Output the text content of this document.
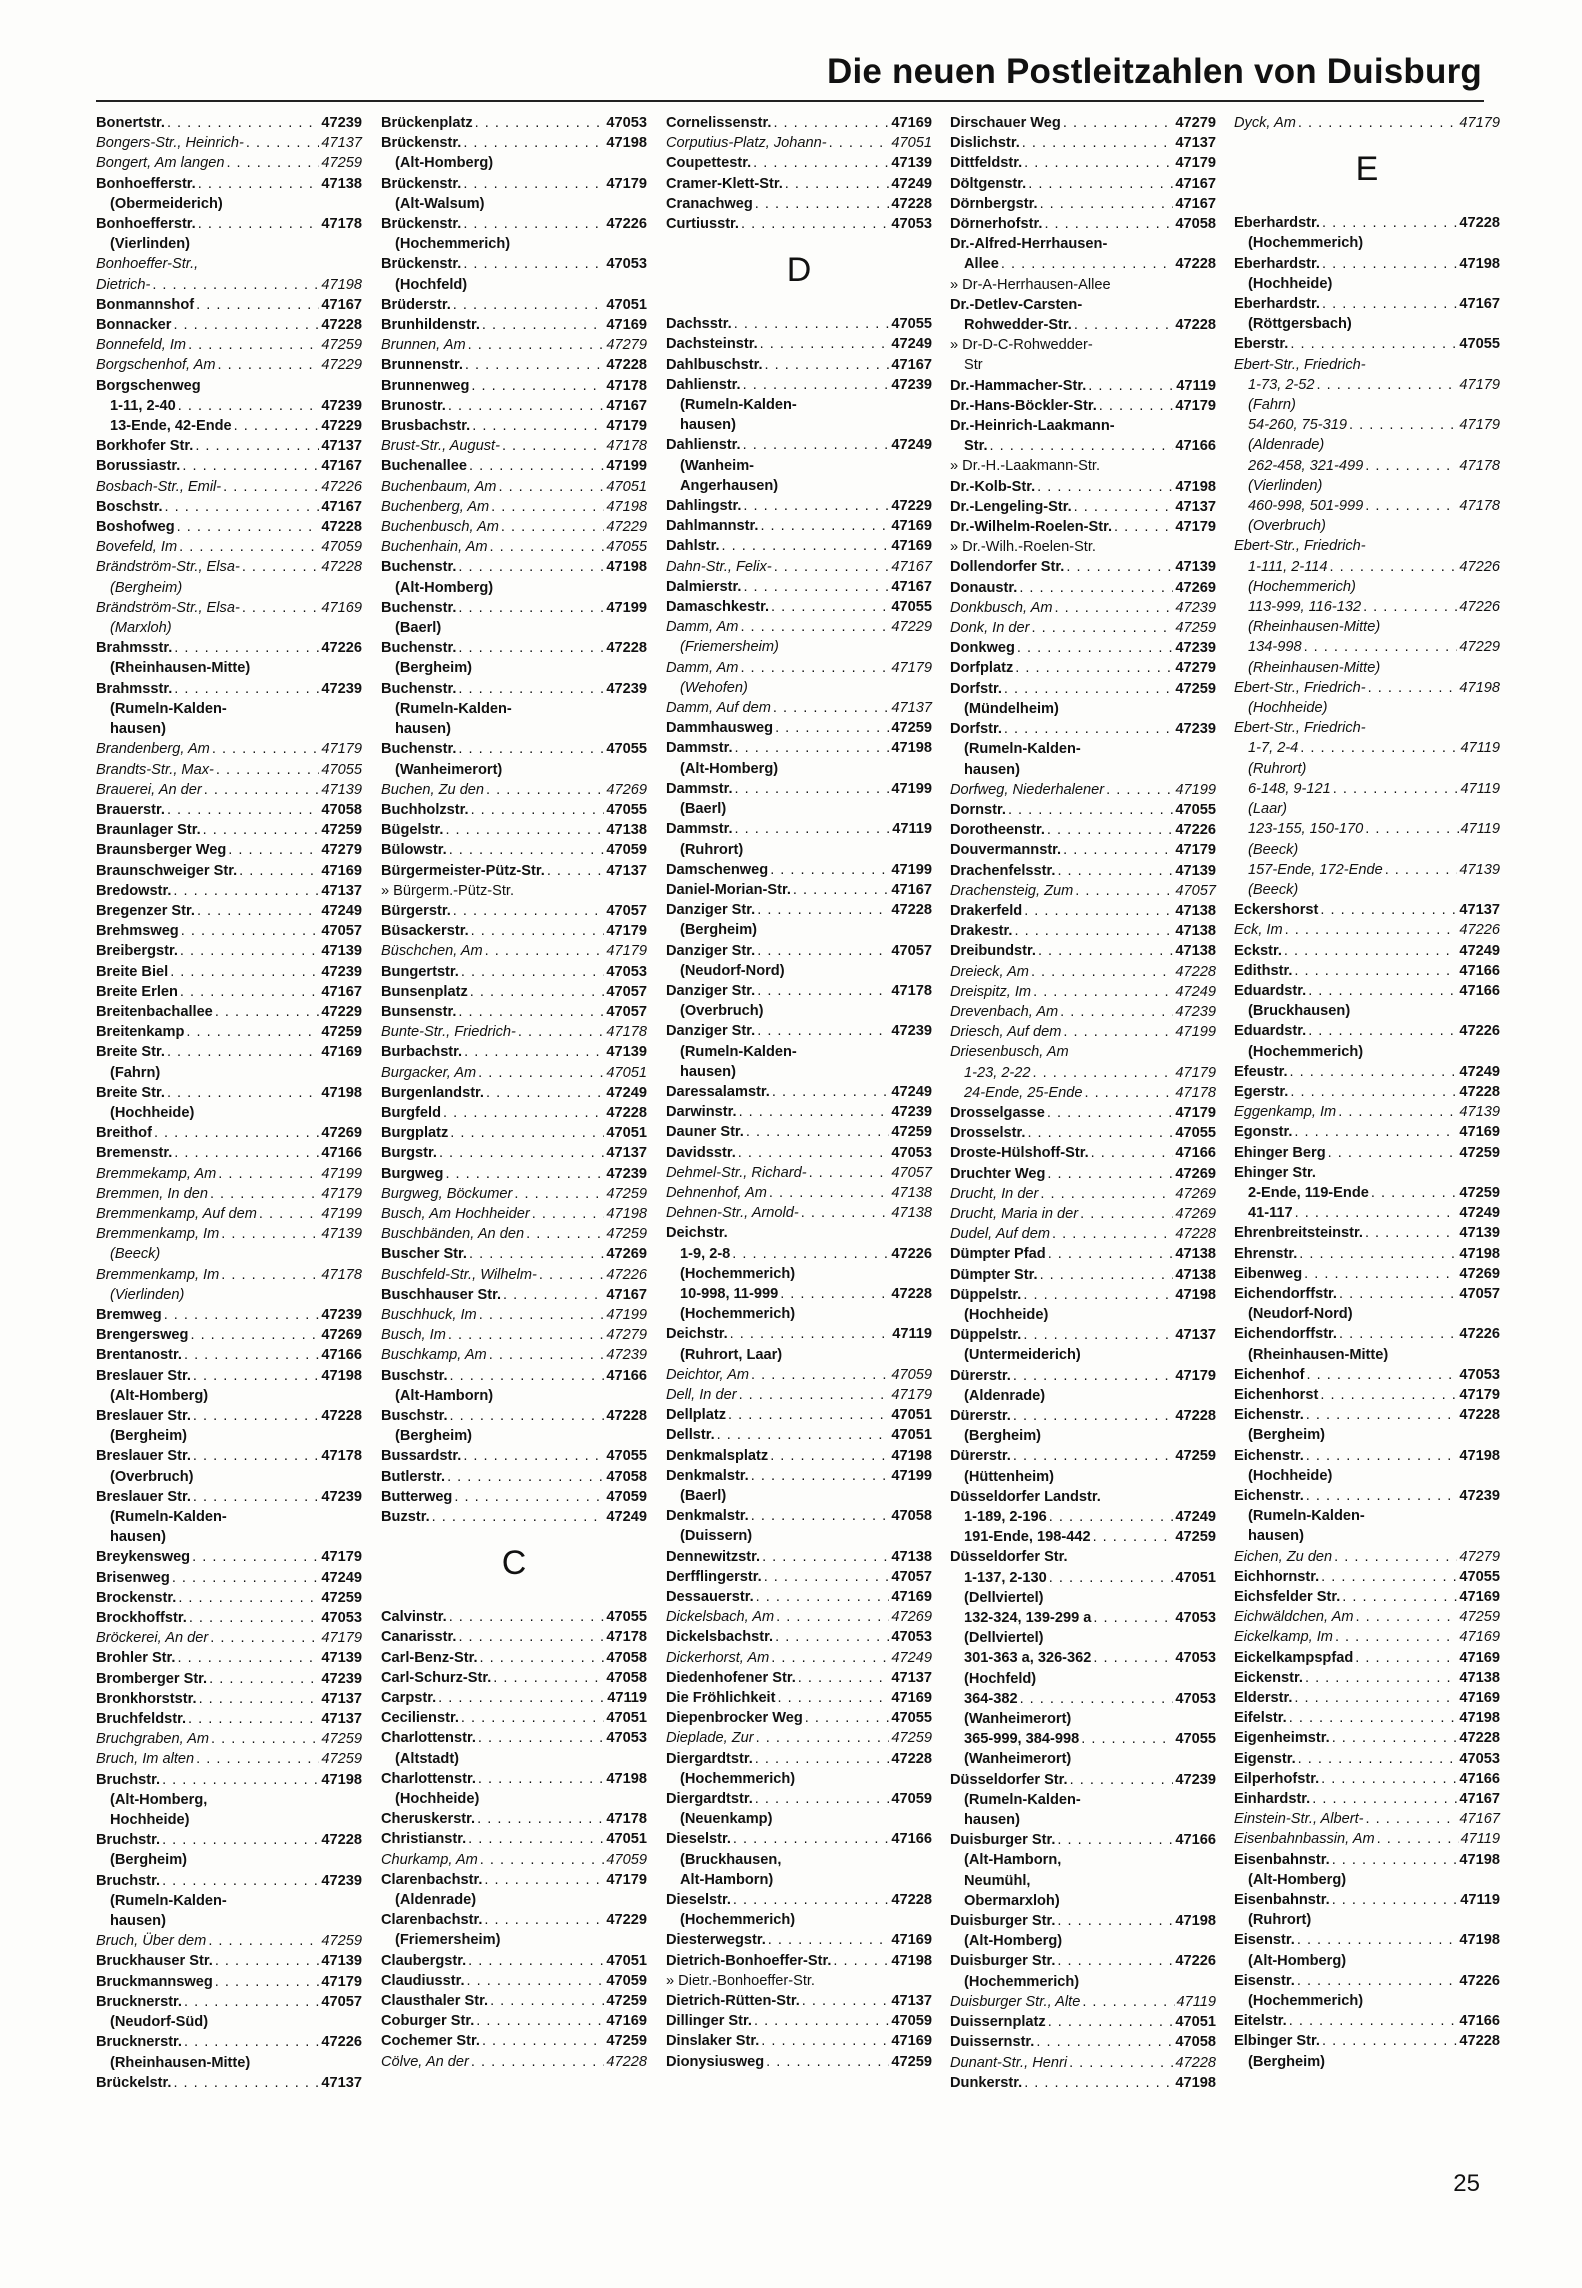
Die neuen Postleitzahlen von Duisburg
Bonertstr. . . .	47239
Bongers-Str., Heinrich- . . .	47137
Bongert, Am langen . . .	47259
Bonhoefferstr. . . .	47138
(Obermeiderich)
Bonhoefferstr. . . .	47178
(Vierlinden)
Bonhoeffer-Str.,
Dietrich- . . .	47198
Bonmannshof . . .	47167
Bonnacker . . .	47228
Bonnefeld, Im . . .	47259
Borgschenhof, Am . . .	47229
Borgschenweg
1-11, 2-40 . . .	47239
13-Ende, 42-Ende . . .	47229
Borkhofer Str. . . .	47137
Borussiastr. . . .	47167
Bosbach-Str., Emil- . . .	47226
Boschstr. . . .	47167
Boshofweg . . .	47228
Bovefeld, Im . . .	47059
Brändström-Str., Elsa- . . .	47228
(Bergheim)
Brändström-Str., Elsa- . . .	47169
(Marxloh)
Brahmsstr. . . .	47226
(Rheinhausen-Mitte)
Brahmsstr. . . .	47239
(Rumeln-Kalden-
hausen)
Brandenberg, Am . . .	47179
Brandts-Str., Max- . . .	47055
Brauerei, An der . . .	47139
Brauerstr. . . .	47058
Braunlager Str. . . .	47259
Braunsberger Weg . . .	47279
Braunschweiger Str. . . .	47169
Bredowstr. . . .	47137
Bregenzer Str. . . .	47249
Brehmsweg . . .	47057
Breibergstr. . . .	47139
Breite Biel . . .	47239
Breite Erlen . . .	47167
Breitenbachallee . . .	47229
Breitenkamp . . .	47259
Breite Str. . . .	47169
(Fahrn)
Breite Str. . . .	47198
(Hochheide)
Breithof . . .	47269
Bremenstr. . . .	47166
Bremmekamp, Am . . .	47199
Bremmen, In den . . .	47179
Bremmenkamp, Auf dem . . .	47199
Bremmenkamp, Im . . .	47139
(Beeck)
Bremmenkamp, Im . . .	47178
(Vierlinden)
Bremweg . . .	47239
Brengersweg . . .	47269
Brentanostr. . . .	47166
Breslauer Str. . . .	47198
(Alt-Homberg)
Breslauer Str. . . .	47228
(Bergheim)
Breslauer Str. . . .	47178
(Overbruch)
Breslauer Str. . . .	47239
(Rumeln-Kalden-
hausen)
Breykensweg . . .	47179
Brisenweg . . .	47249
Brockenstr. . . .	47259
Brockhoffstr. . . .	47053
Bröckerei, An der . . .	47179
Brohler Str. . . .	47139
Bromberger Str. . . .	47239
Bronkhorststr. . . .	47137
Bruchfeldstr. . . .	47137
Bruchgraben, Am . . .	47259
Bruch, Im alten . . .	47259
Bruchstr. . . .	47198
(Alt-Homberg,
Hochheide)
Bruchstr. . . .	47228
(Bergheim)
Bruchstr. . . .	47239
(Rumeln-Kalden-
hausen)
Bruch, Über dem . . .	47259
Bruckhauser Str. . . .	47139
Bruckmannsweg . . .	47179
Brucknerstr. . . .	47057
(Neudorf-Süd)
Brucknerstr. . . .	47226
(Rheinhausen-Mitte)
Brückelstr. . . .	47137
Brückenplatz . . .	47053
Brückenstr. . . .	47198
(Alt-Homberg)
Brückenstr. . . .	47179
(Alt-Walsum)
Brückenstr. . . .	47226
(Hochemmerich)
Brückenstr. . . .	47053
(Hochfeld)
Brüderstr. . . .	47051
Brunhildenstr. . . .	47169
Brunnen, Am . . .	47279
Brunnenstr. . . .	47228
Brunnenweg . . .	47178
Brunostr. . . .	47167
Brusbachstr. . . .	47179
Brust-Str., August- . . .	47178
Buchenallee . . .	47199
Buchenbaum, Am . . .	47051
Buchenberg, Am . . .	47198
Buchenbusch, Am . . .	47229
Buchenhain, Am . . .	47055
Buchenstr. . . .	47198
(Alt-Homberg)
Buchenstr. . . .	47199
(Baerl)
Buchenstr. . . .	47228
(Bergheim)
Buchenstr. . . .	47239
(Rumeln-Kalden-
hausen)
Buchenstr. . . .	47055
(Wanheimerort)
Buchen, Zu den . . .	47269
Buchholzstr. . . .	47055
Bügelstr. . . .	47138
Bülowstr. . . .	47059
Bürgermeister-Pütz-Str. . . .	47137
» Bürgerm.-Pütz-Str.
Bürgerstr. . . .	47057
Büsackerstr. . . .	47179
Büschchen, Am . . .	47179
Bungertstr. . . .	47053
Bunsenplatz . . .	47057
Bunsenstr. . . .	47057
Bunte-Str., Friedrich- . . .	47178
Burbachstr. . . .	47139
Burgacker, Am . . .	47051
Burgenlandstr. . . .	47249
Burgfeld . . .	47228
Burgplatz . . .	47051
Burgstr. . . .	47137
Burgweg . . .	47239
Burgweg, Böckumer . . .	47259
Busch, Am Hochheider . . .	47198
Buschbänden, An den . . .	47259
Buscher Str. . . .	47269
Buschfeld-Str., Wilhelm- . . .	47226
Buschhauser Str. . . .	47167
Buschhuck, Im . . .	47199
Busch, Im . . .	47279
Buschkamp, Am . . .	47239
Buschstr. . . .	47166
(Alt-Hamborn)
Buschstr. . . .	47228
(Bergheim)
Bussardstr. . . .	47055
Butlerstr. . . .	47058
Butterweg . . .	47059
Buzstr. . . .	47249
C
Calvinstr. . . .	47055
Canarisstr. . . .	47178
Carl-Benz-Str. . . .	47058
Carl-Schurz-Str. . . .	47058
Carpstr. . . .	47119
Cecilienstr. . . .	47051
Charlottenstr. . . .	47053
(Altstadt)
Charlottenstr. . . .	47198
(Hochheide)
Cheruskerstr. . . .	47178
Christianstr. . . .	47051
Churkamp, Am . . .	47059
Clarenbachstr. . . .	47179
(Aldenrade)
Clarenbachstr. . . .	47229
(Friemersheim)
Claubergstr. . . .	47051
Claudiusstr. . . .	47059
Clausthaler Str. . . .	47259
Coburger Str. . . .	47169
Cochemer Str. . . .	47259
Cölve, An der . . .	47228
Cornelissenstr. . . .	47169
Corputius-Platz, Johann- . . .	47051
Coupettestr. . . .	47139
Cramer-Klett-Str. . . .	47249
Cranachweg . . .	47228
Curtiusstr. . . .	47053
D
Dachsstr. . . .	47055
Dachsteinstr. . . .	47249
Dahlbuschstr. . . .	47167
Dahlienstr. . . .	47239
(Rumeln-Kalden-
hausen)
Dahlienstr. . . .	47249
(Wanheim-
Angerhausen)
Dahlingstr. . . .	47229
Dahlmannstr. . . .	47169
Dahlstr. . . .	47169
Dahn-Str., Felix- . . .	47167
Dalmierstr. . . .	47167
Damaschkestr. . . .	47055
Damm, Am . . .	47229
(Friemersheim)
Damm, Am . . .	47179
(Wehofen)
Damm, Auf dem . . .	47137
Dammhausweg . . .	47259
Dammstr. . . .	47198
(Alt-Homberg)
Dammstr. . . .	47199
(Baerl)
Dammstr. . . .	47119
(Ruhrort)
Damschenweg . . .	47199
Daniel-Morian-Str. . . .	47167
Danziger Str. . . .	47228
(Bergheim)
Danziger Str. . . .	47057
(Neudorf-Nord)
Danziger Str. . . .	47178
(Overbruch)
Danziger Str. . . .	47239
(Rumeln-Kalden-
hausen)
Daressalamstr. . . .	47249
Darwinstr. . . .	47239
Dauner Str. . . .	47259
Davidsstr. . . .	47053
Dehmel-Str., Richard- . . .	47057
Dehnenhof, Am . . .	47138
Dehnen-Str., Arnold- . . .	47138
Deichstr.
1-9, 2-8 . . .	47226
(Hochemmerich)
10-998, 11-999 . . .	47228
(Hochemmerich)
Deichstr. . . .	47119
(Ruhrort, Laar)
Deichtor, Am . . .	47059
Dell, In der . . .	47179
Dellplatz . . .	47051
Dellstr. . . .	47051
Denkmalsplatz . . .	47198
Denkmalstr. . . .	47199
(Baerl)
Denkmalstr. . . .	47058
(Duissern)
Dennewitzstr. . . .	47138
Derfflingerstr. . . .	47057
Dessauerstr. . . .	47169
Dickelsbach, Am . . .	47269
Dickelsbachstr. . . .	47053
Dickerhorst, Am . . .	47249
Diedenhofener Str. . . .	47137
Die Fröhlichkeit . . .	47169
Diepenbrocker Weg . . .	47055
Dieplade, Zur . . .	47259
Diergardtstr. . . .	47228
(Hochemmerich)
Diergardtstr. . . .	47059
(Neuenkamp)
Dieselstr. . . .	47166
(Bruckhausen,
Alt-Hamborn)
Dieselstr. . . .	47228
(Hochemmerich)
Diesterwegstr. . . .	47169
Dietrich-Bonhoeffer-Str. . . .	47198
» Dietr.-Bonhoeffer-Str.
Dietrich-Rütten-Str. . . .	47137
Dillinger Str. . . .	47059
Dinslaker Str. . . .	47169
Dionysiusweg . . .	47259
Dirschauer Weg . . .	47279
Dislichstr. . . .	47137
Dittfeldstr. . . .	47179
Döltgenstr. . . .	47167
Dörnbergstr. . . .	47167
Dörnerhofstr. . . .	47058
Dr.-Alfred-Herrhausen-
Allee . . .	47228
» Dr-A-Herrhausen-Allee
Dr.-Detlev-Carsten-
Rohwedder-Str. . . .	47228
» Dr-D-C-Rohwedder-
Str
Dr.-Hammacher-Str. . . .	47119
Dr.-Hans-Böckler-Str. . . .	47179
Dr.-Heinrich-Laakmann-
Str. . . .	47166
» Dr.-H.-Laakmann-Str.
Dr.-Kolb-Str. . . .	47198
Dr.-Lengeling-Str. . . .	47137
Dr.-Wilhelm-Roelen-Str. . . .	47179
» Dr.-Wilh.-Roelen-Str.
Dollendorfer Str. . . .	47139
Donaustr. . . .	47269
Donkbusch, Am . . .	47239
Donk, In der . . .	47259
Donkweg . . .	47239
Dorfplatz . . .	47279
Dorfstr. . . .	47259
(Mündelheim)
Dorfstr. . . .	47239
(Rumeln-Kalden-
hausen)
Dorfweg, Niederhalener . . .	47199
Dornstr. . . .	47055
Dorotheenstr. . . .	47226
Douvermannstr. . . .	47179
Drachenfelsstr. . . .	47139
Drachensteig, Zum . . .	47057
Drakerfeld . . .	47138
Drakestr. . . .	47138
Dreibundstr. . . .	47138
Dreieck, Am . . .	47228
Dreispitz, Im . . .	47249
Drevenbach, Am . . .	47239
Driesch, Auf dem . . .	47199
Driesenbusch, Am
1-23, 2-22 . . .	47179
24-Ende, 25-Ende . . .	47178
Drosselgasse . . .	47179
Drosselstr. . . .	47055
Droste-Hülshoff-Str. . . .	47166
Druchter Weg . . .	47269
Drucht, In der . . .	47269
Drucht, Maria in der . . .	47269
Dudel, Auf dem . . .	47228
Dümpter Pfad . . .	47138
Dümpter Str. . . .	47138
Düppelstr. . . .	47198
(Hochheide)
Düppelstr. . . .	47137
(Untermeiderich)
Dürerstr. . . .	47179
(Aldenrade)
Dürerstr. . . .	47228
(Bergheim)
Dürerstr. . . .	47259
(Hüttenheim)
Düsseldorfer Landstr.
1-189, 2-196 . . .	47249
191-Ende, 198-442 . . .	47259
Düsseldorfer Str.
1-137, 2-130 . . .	47051
(Dellviertel)
132-324, 139-299 a . . .	47053
(Dellviertel)
301-363 a, 326-362 . . .	47053
(Hochfeld)
364-382 . . .	47053
(Wanheimerort)
365-999, 384-998 . . .	47055
(Wanheimerort)
Düsseldorfer Str. . . .	47239
(Rumeln-Kalden-
hausen)
Duisburger Str. . . .	47166
(Alt-Hamborn,
Neumühl,
Obermarxloh)
Duisburger Str. . . .	47198
(Alt-Homberg)
Duisburger Str. . . .	47226
(Hochemmerich)
Duisburger Str., Alte . . .	47119
Duissernplatz . . .	47051
Duissernstr. . . .	47058
Dunant-Str., Henri . . .	47228
Dunkerstr. . . .	47198
Dyck, Am . . .	47179
E
Eberhardstr. . . .	47228
(Hochemmerich)
Eberhardstr. . . .	47198
(Hochheide)
Eberhardstr. . . .	47167
(Röttgersbach)
Eberstr. . . .	47055
Ebert-Str., Friedrich-
1-73, 2-52 . . .	47179
(Fahrn)
54-260, 75-319 . . .	47179
(Aldenrade)
262-458, 321-499 . . .	47178
(Vierlinden)
460-998, 501-999 . . .	47178
(Overbruch)
Ebert-Str., Friedrich-
1-111, 2-114 . . .	47226
(Hochemmerich)
113-999, 116-132 . . .	47226
(Rheinhausen-Mitte)
134-998 . . .	47229
(Rheinhausen-Mitte)
Ebert-Str., Friedrich- . . .	47198
(Hochheide)
Ebert-Str., Friedrich-
1-7, 2-4 . . .	47119
(Ruhrort)
6-148, 9-121 . . .	47119
(Laar)
123-155, 150-170 . . .	47119
(Beeck)
157-Ende, 172-Ende . . .	47139
(Beeck)
Eckershorst . . .	47137
Eck, Im . . .	47226
Eckstr. . . .	47249
Edithstr. . . .	47166
Eduardstr. . . .	47166
(Bruckhausen)
Eduardstr. . . .	47226
(Hochemmerich)
Efeustr. . . .	47249
Egerstr. . . .	47228
Eggenkamp, Im . . .	47139
Egonstr. . . .	47169
Ehinger Berg . . .	47259
Ehinger Str.
2-Ende, 119-Ende . . .	47259
41-117 . . .	47249
Ehrenbreitsteinstr. . . .	47139
Ehrenstr. . . .	47198
Eibenweg . . .	47269
Eichendorffstr. . . .	47057
(Neudorf-Nord)
Eichendorffstr. . . .	47226
(Rheinhausen-Mitte)
Eichenhof . . .	47053
Eichenhorst . . .	47179
Eichenstr. . . .	47228
(Bergheim)
Eichenstr. . . .	47198
(Hochheide)
Eichenstr. . . .	47239
(Rumeln-Kalden-
hausen)
Eichen, Zu den . . .	47279
Eichhornstr. . . .	47055
Eichsfelder Str. . . .	47169
Eichwäldchen, Am . . .	47259
Eickelkamp, Im . . .	47169
Eickelkampspfad . . .	47169
Eickenstr. . . .	47138
Elderstr. . . .	47169
Eifelstr. . . .	47198
Eigenheimstr. . . .	47228
Eigenstr. . . .	47053
Eilperhofstr. . . .	47166
Einhardstr. . . .	47167
Einstein-Str., Albert- . . .	47167
Eisenbahnbassin, Am . . .	47119
Eisenbahnstr. . . .	47198
(Alt-Homberg)
Eisenbahnstr. . . .	47119
(Ruhrort)
Eisenstr. . . .	47198
(Alt-Homberg)
Eisenstr. . . .	47226
(Hochemmerich)
Eitelstr. . . .	47166
Elbinger Str. . . .	47228
(Bergheim)
25
